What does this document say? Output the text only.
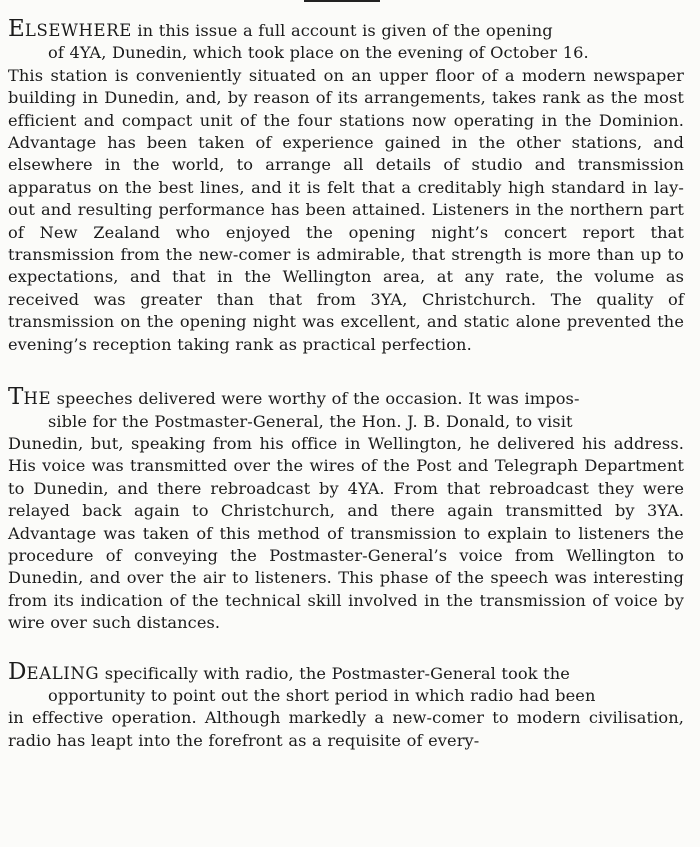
ELSEWHERE in this issue a full account is given of the opening
of 4YA, Dunedin, which took place on the evening of October 16.
This station is conveniently situated on an upper floor of a modern newspaper building in Dunedin, and, by reason of its arrangements, takes rank as the most efficient and compact unit of the four stations now operating in the Dominion. Advantage has been taken of experience gained in the other stations, and elsewhere in the world, to arrange all details of studio and transmission apparatus on the best lines, and it is felt that a creditably high standard in lay-out and resulting performance has been attained. Listeners in the northern part of New Zealand who enjoyed the opening night’s concert report that transmission from the new-comer is admirable, that strength is more than up to expectations, and that in the Wellington area, at any rate, the volume as received was greater than that from 3YA, Christchurch. The quality of transmission on the opening night was excellent, and static alone prevented the evening’s reception taking rank as practical perfection.

THE speeches delivered were worthy of the occasion. It was impos-
sible for the Postmaster-General, the Hon. J. B. Donald, to visit
Dunedin, but, speaking from his office in Wellington, he delivered his address. His voice was transmitted over the wires of the Post and Telegraph Department to Dunedin, and there rebroadcast by 4YA. From that rebroadcast they were relayed back again to Christchurch, and there again transmitted by 3YA. Advantage was taken of this method of transmission to explain to listeners the procedure of conveying the Postmaster-General’s voice from Wellington to Dunedin, and over the air to listeners. This phase of the speech was interesting from its indication of the technical skill involved in the transmission of voice by wire over such distances.

DEALING specifically with radio, the Postmaster-General took the
opportunity to point out the short period in which radio had been
in effective operation. Although markedly a new-comer to modern civilisation, radio has leapt into the forefront as a requisite of every-
